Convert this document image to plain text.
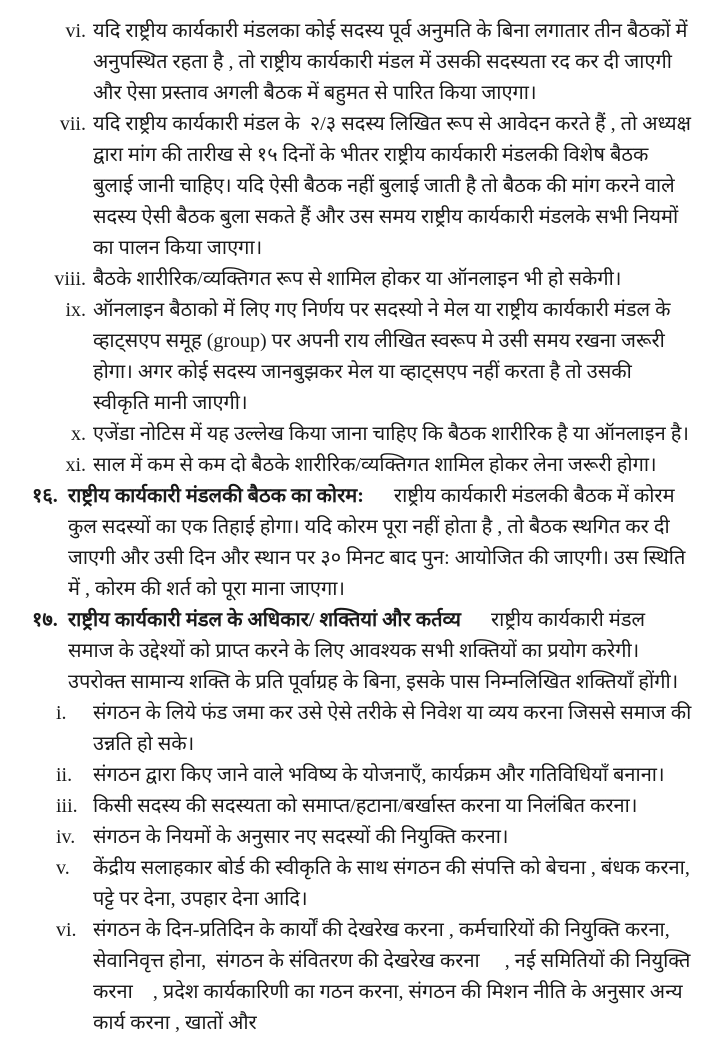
vi. यदि राष्ट्रीय कार्यकारी मंडलका कोई सदस्य पूर्व अनुमति के बिना लगातार तीन बैठकों में अनुपस्थित रहता है , तो राष्ट्रीय कार्यकारी मंडल में उसकी सदस्यता रद कर दी जाएगी और ऐसा प्रस्ताव अगली बैठक में बहुमत से पारित किया जाएगा।
vii. यदि राष्ट्रीय कार्यकारी मंडल के  २/३ सदस्य लिखित रूप से आवेदन करते हैं , तो अध्यक्ष द्वारा मांग की तारीख से १५ दिनों के भीतर राष्ट्रीय कार्यकारी मंडलकी विशेष बैठक बुलाई जानी चाहिए। यदि ऐसी बैठक नहीं बुलाई जाती है तो बैठक की मांग करने वाले सदस्य ऐसी बैठक बुला सकते हैं और उस समय राष्ट्रीय कार्यकारी मंडलके सभी नियमों का पालन किया जाएगा।
viii. बैठके शारीरिक/व्यक्तिगत रूप से शामिल होकर या ऑनलाइन भी हो सकेगी।
ix. ऑनलाइन बैठाको में लिए गए निर्णय पर सदस्यो ने मेल या राष्ट्रीय कार्यकारी मंडल के व्हाट्सएप समूह (group) पर अपनी राय लीखित स्वरूप मे उसी समय रखना जरूरी होगा। अगर कोई सदस्य जानबुझकर मेल या व्हाट्सएप नहीं करता है तो उसकी स्वीकृति मानी जाएगी।
x. एजेंडा नोटिस में यह उल्लेख किया जाना चाहिए कि बैठक शारीरिक है या ऑनलाइन है।
xi. साल में कम से कम दो बैठके शारीरिक/व्यक्तिगत शामिल होकर लेना जरूरी होगा।
१६. राष्ट्रीय कार्यकारी मंडलकी बैठक का कोरम: राष्ट्रीय कार्यकारी मंडलकी बैठक में कोरम कुल सदस्यों का एक तिहाई होगा। यदि कोरम पूरा नहीं होता है , तो बैठक स्थगित कर दी जाएगी और उसी दिन और स्थान पर ३० मिनट बाद पुन: आयोजित की जाएगी। उस स्थिति में , कोरम की शर्त को पूरा माना जाएगा।
१७. राष्ट्रीय कार्यकारी मंडल के अधिकार/ शक्तियां और कर्तव्य राष्ट्रीय कार्यकारी मंडल समाज के उद्देश्यों को प्राप्त करने के लिए आवश्यक सभी शक्तियों का प्रयोग करेगी। उपरोक्त सामान्य शक्ति के प्रति पूर्वाग्रह के बिना, इसके पास निम्नलिखित शक्तियाँ होंगी।
i. संगठन के लिये फंड जमा कर उसे ऐसे तरीके से निवेश या व्यय करना जिससे समाज की उन्नति हो सके।
ii. संगठन द्वारा किए जाने वाले भविष्य के योजनाएँ, कार्यक्रम और गतिविधियाँ बनाना।
iii. किसी सदस्य की सदस्यता को समाप्त/हटाना/बर्खास्त करना या निलंबित करना।
iv. संगठन के नियमों के अनुसार नए सदस्यों की नियुक्ति करना।
v. केंद्रीय सलाहकार बोर्ड की स्वीकृति के साथ संगठन की संपत्ति को बेचना , बंधक करना, पट्टे पर देना, उपहार देना आदि।
vi. संगठन के दिन-प्रतिदिन के कार्यों की देखरेख करना , कर्मचारियों की नियुक्ति करना, सेवानिवृत्त होना,  संगठन के संवितरण की देखरेख करना     , नई समितियों की नियुक्ति करना    , प्रदेश कार्यकारिणी का गठन करना, संगठन की मिशन नीति के अनुसार अन्य कार्य करना , खातों और
